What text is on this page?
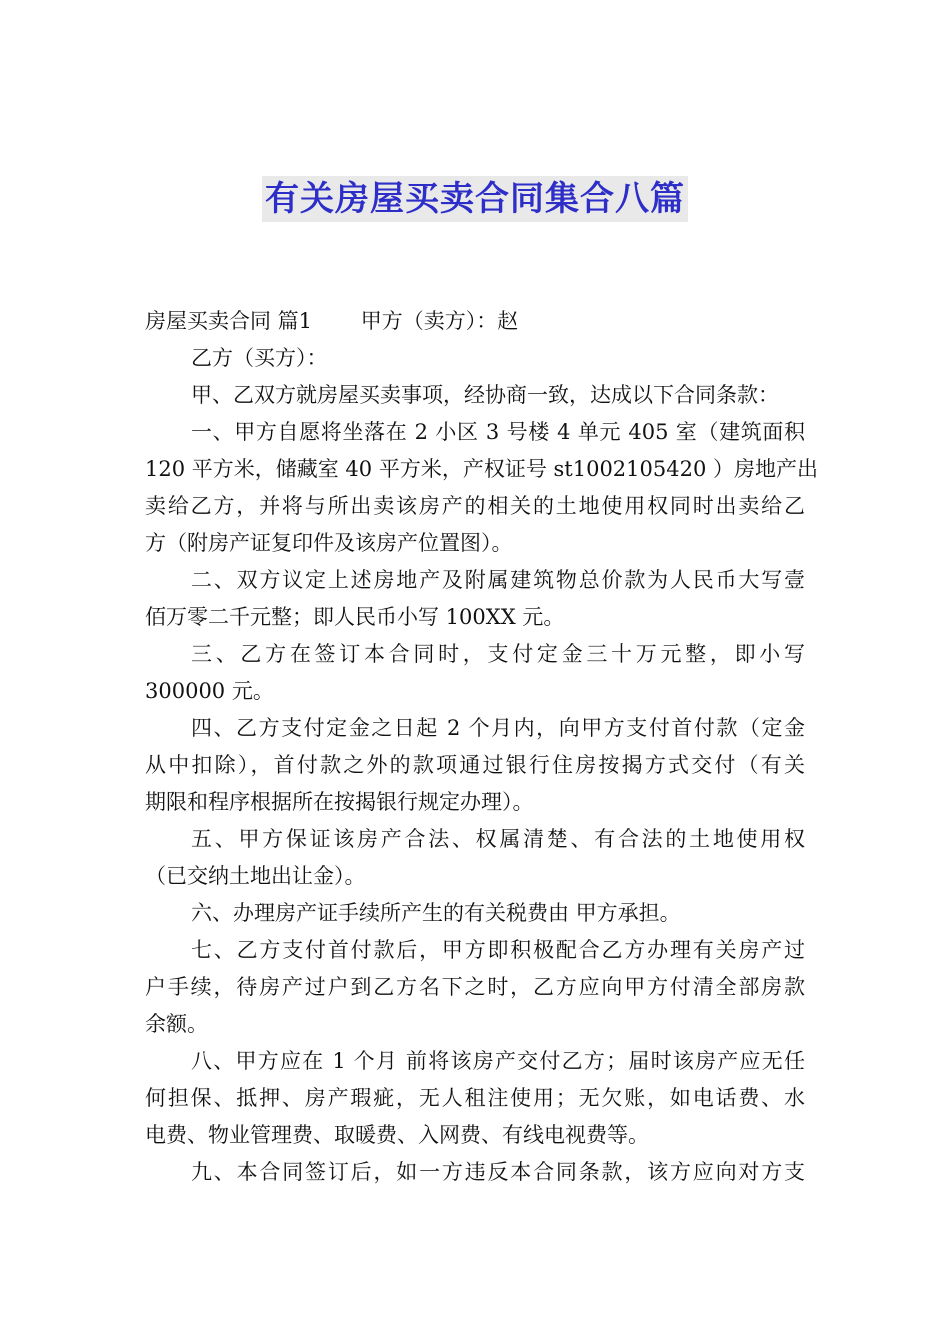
有关房屋买卖合同集合八篇
房屋买卖合同 篇1　　 甲方（卖方）：赵
乙方（买方）：
甲、乙双方就房屋买卖事项，经协商一致，达成以下合同条款：
一、甲方自愿将坐落在 2 小区 3 号楼 4 单元 405 室（建筑面积
120 平方米，储藏室 40 平方米，产权证号 st1002105420 ）房地产出
卖给乙方，并将与所出卖该房产的相关的土地使用权同时出卖给乙
方（附房产证复印件及该房产位置图）。
二、双方议定上述房地产及附属建筑物总价款为人民币大写壹
佰万零二千元整；即人民币小写 100XX 元。
三、乙方在签订本合同时，支付定金三十万元整，即小写
300000 元。
四、乙方支付定金之日起 2 个月内，向甲方支付首付款（定金
从中扣除），首付款之外的款项通过银行住房按揭方式交付（有关
期限和程序根据所在按揭银行规定办理）。
五、甲方保证该房产合法、权属清楚、有合法的土地使用权
（已交纳土地出让金）。
六、办理房产证手续所产生的有关税费由 甲方承担。
七、乙方支付首付款后，甲方即积极配合乙方办理有关房产过
户手续，待房产过户到乙方名下之时，乙方应向甲方付清全部房款
余额。
八、甲方应在 1 个月 前将该房产交付乙方；届时该房产应无任
何担保、抵押、房产瑕疵，无人租注使用；无欠账，如电话费、水
电费、物业管理费、取暖费、入网费、有线电视费等。
九、本合同签订后，如一方违反本合同条款，该方应向对方支
